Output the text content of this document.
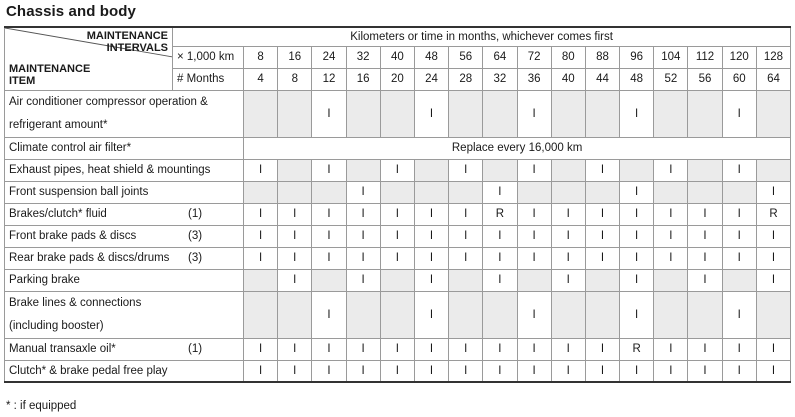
Chassis and body
MAINTENANCE
INTERVALS
MAINTENANCE
ITEM	Kilometers or time in months, whichever comes first																
	× 1,000 km	8	16	24	32	40	48	56	64	72	80	88	96	104	112	120	128
	# Months	4	8	12	16	20	24	28	32	36	40	44	48	52	56	60	64

Air conditioner compressor operation &
refrigerant amount*				I			I			I			I			I	
Climate control air filter*		Replace every 16,000 km															
Exhaust pipes, heat shield & mountings		I		I		I		I		I		I		I		I	
Front suspension ball joints					I				I				I				I
Brakes/clutch* fluid (1)		I	I	I	I	I	I	I	R	I	I	I	I	I	I	I	R
Front brake pads & discs (3)		I	I	I	I	I	I	I	I	I	I	I	I	I	I	I	I
Rear brake pads & discs/drums (3)		I	I	I	I	I	I	I	I	I	I	I	I	I	I	I	I
Parking brake			I		I		I		I		I		I		I		I

Brake lines & connections
(including booster)				I			I			I			I			I	
Manual transaxle oil* (1)		I	I	I	I	I	I	I	I	I	I	I	R	I	I	I	I
Clutch* & brake pedal free play		I	I	I	I	I	I	I	I	I	I	I	I	I	I	I	I
* : if equipped
